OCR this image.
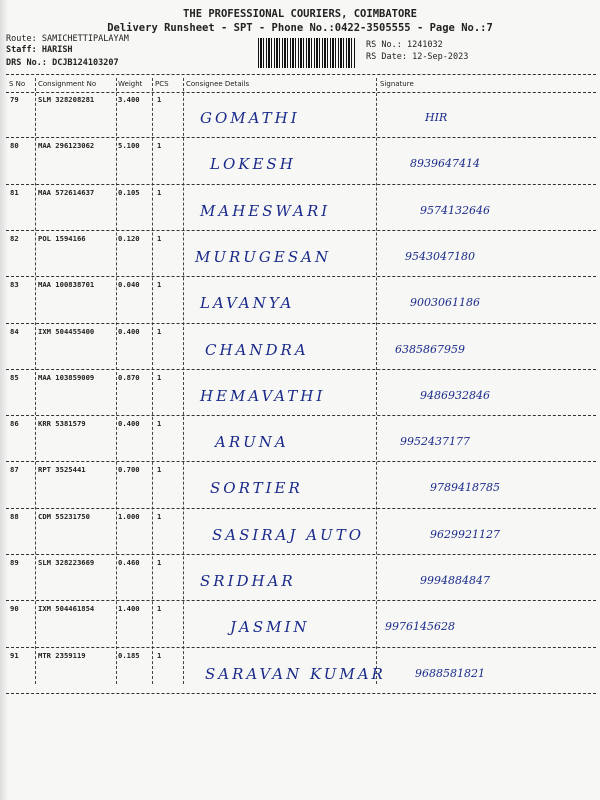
THE PROFESSIONAL COURIERS, COIMBATORE
Delivery Runsheet - SPT - Phone No.:0422-3505555 - Page No.:7
Route: SAMICHETTIPALAYAM
Staff: HARISH
DRS No.: DCJB124103207
RS No.: 1241032
RS Date: 12-Sep-2023
S No Consignment No	Weight PCS Consignee Details	Signature
79	SLM 328208281	3.400 1
GOMATHI	HIR
80	MAA 296123062	5.100 1
LOKESH	8939647414
81	MAA 572614637	0.105 1
MAHESWARI	9574132646
82	POL 1594166	0.120 1
MURUGESAN	9543047180
83	MAA 100838701	0.040 1
LAVANYA	9003061186
84	IXM 504455400	0.400 1
CHANDRA	6385867959
85	MAA 103859009	0.870 1
HEMAVATHI	9486932846
86	KRR 5381579	0.400 1
ARUNA	9952437177
87	RPT 3525441	0.700 1
SORTIER	9789418785
88	CDM 55231750	1.000 1
SASIRAJ AUTO	9629921127
89	SLM 328223669	0.460 1
SRIDHAR	9994884847
90	IXM 504461854	1.400 1
JASMIN	9976145628
91	MTR 2359119	0.185 1
SARAVAN KUMAR	9688581821
